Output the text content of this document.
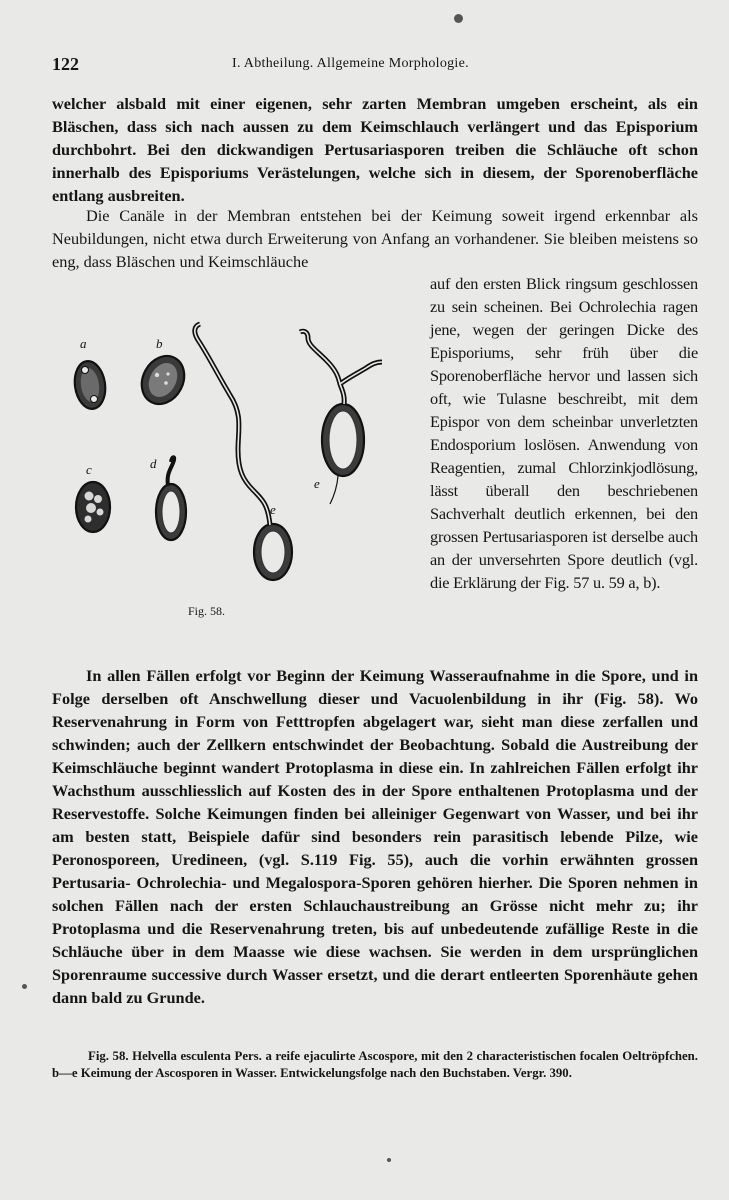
122	I. Abtheilung. Allgemeine Morphologie.

welcher alsbald mit einer eigenen, sehr zarten Membran umgeben erscheint, als ein Bläschen, dass sich nach aussen zu dem Keimschlauch verlängert und das Episporium durchbohrt. Bei den dickwandigen Pertusariasporen treiben die Schläuche oft schon innerhalb des Episporiums Verästelungen, welche sich in diesem, der Sporenoberfläche entlang ausbreiten.

Die Canäle in der Membran entstehen bei der Keimung soweit irgend erkennbar als Neubildungen, nicht etwa durch Erweiterung von Anfang an vorhandener. Sie bleiben meistens so eng, dass Bläschen und Keimschläuche

auf den ersten Blick ringsum geschlossen zu sein scheinen. Bei Ochrolechia ragen jene, wegen der geringen Dicke des Episporiums, sehr früh über die Sporenoberfläche hervor und lassen sich oft, wie Tulasne beschreibt, mit dem Epispor von dem scheinbar unverletzten Endosporium loslösen. Anwendung von Reagentien, zumal Chlorzinkjodlösung, lässt überall den beschriebenen Sachverhalt deutlich erkennen, bei den grossen Pertusariasporen ist derselbe auch an der unversehrten Spore deutlich (vgl. die Erklärung der Fig. 57 u. 59 a, b).

a	b
c	d
e
e
Fig. 58.

In allen Fällen erfolgt vor Beginn der Keimung Wasseraufnahme in die Spore, und in Folge derselben oft Anschwellung dieser und Vacuolenbildung in ihr (Fig. 58). Wo Reservenahrung in Form von Fetttropfen abgelagert war, sieht man diese zerfallen und schwinden; auch der Zellkern entschwindet der Beobachtung. Sobald die Austreibung der Keimschläuche beginnt wandert Protoplasma in diese ein. In zahlreichen Fällen erfolgt ihr Wachsthum ausschliesslich auf Kosten des in der Spore enthaltenen Protoplasma und der Reservestoffe. Solche Keimungen finden bei alleiniger Gegenwart von Wasser, und bei ihr am besten statt, Beispiele dafür sind besonders rein parasitisch lebende Pilze, wie Peronosporeen, Uredineen, (vgl. S.119 Fig. 55), auch die vorhin erwähnten grossen Pertusaria- Ochrolechia- und Megalospora-Sporen gehören hierher. Die Sporen nehmen in solchen Fällen nach der ersten Schlauchaustreibung an Grösse nicht mehr zu; ihr Protoplasma und die Reservenahrung treten, bis auf unbedeutende zufällige Reste in die Schläuche über in dem Maasse wie diese wachsen. Sie werden in dem ursprünglichen Sporenraume successive durch Wasser ersetzt, und die derart entleerten Sporenhäute gehen dann bald zu Grunde.

Fig. 58. Helvella esculenta Pers. a reife ejaculirte Ascospore, mit den 2 characteristischen focalen Oeltröpfchen. b—e Keimung der Ascosporen in Wasser. Entwickelungsfolge nach den Buchstaben. Vergr. 390.
